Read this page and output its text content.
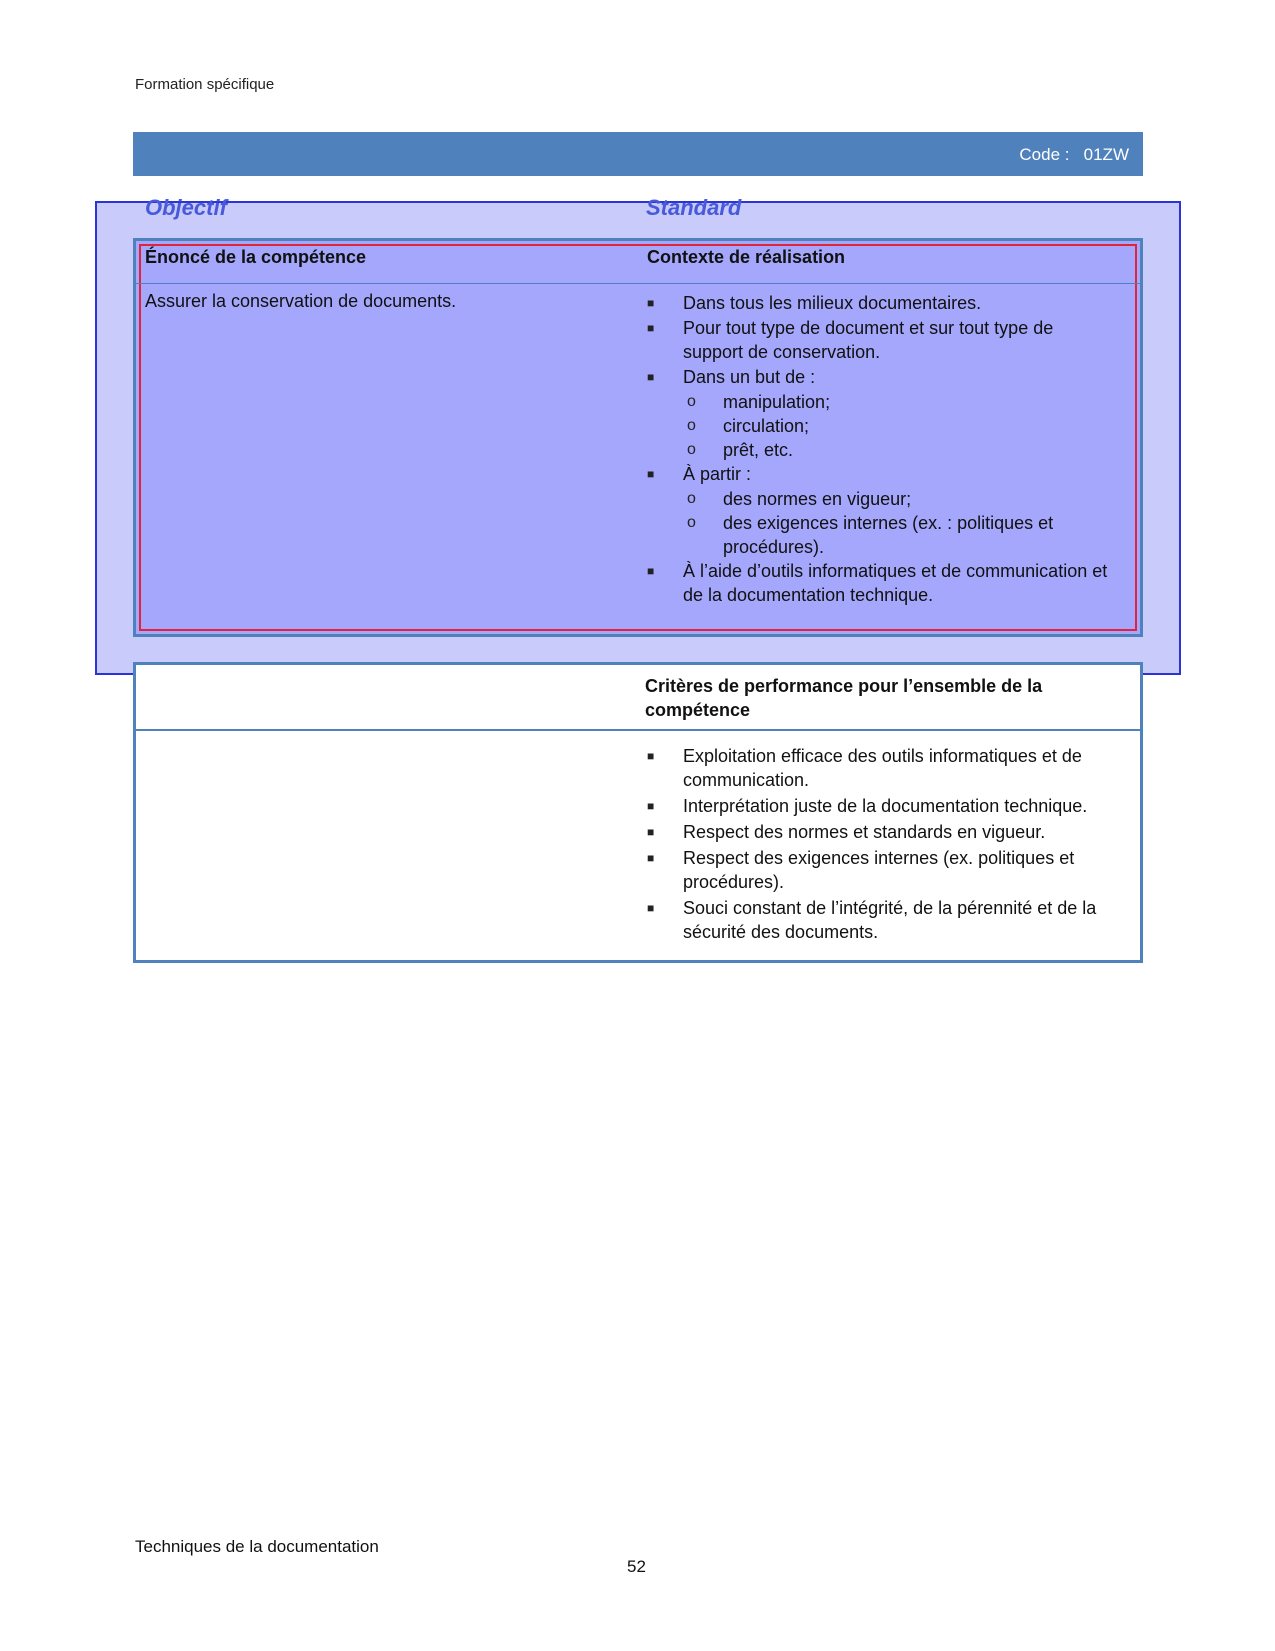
Formation spécifique
Code :   01ZW
Objectif	Standard
Énoncé de la compétence	Contexte de réalisation
Assurer la conservation de documents.
■	Dans tous les milieux documentaires.
■ Pour tout type de document et sur tout type de support de conservation.
■ Dans un but de :
o manipulation;
o circulation;
o prêt, etc.
■ À partir :
o des normes en vigueur;
o des exigences internes (ex. : politiques et procédures).
■ À l’aide d’outils informatiques et de communication et de la documentation technique.
Critères de performance pour l’ensemble de la compétence
■ Exploitation efficace des outils informatiques et de communication.
■ Interprétation juste de la documentation technique.
■ Respect des normes et standards en vigueur.
■ Respect des exigences internes (ex. politiques et procédures).
■ Souci constant de l’intégrité, de la pérennité et de la sécurité des documents.
Techniques de la documentation
52
